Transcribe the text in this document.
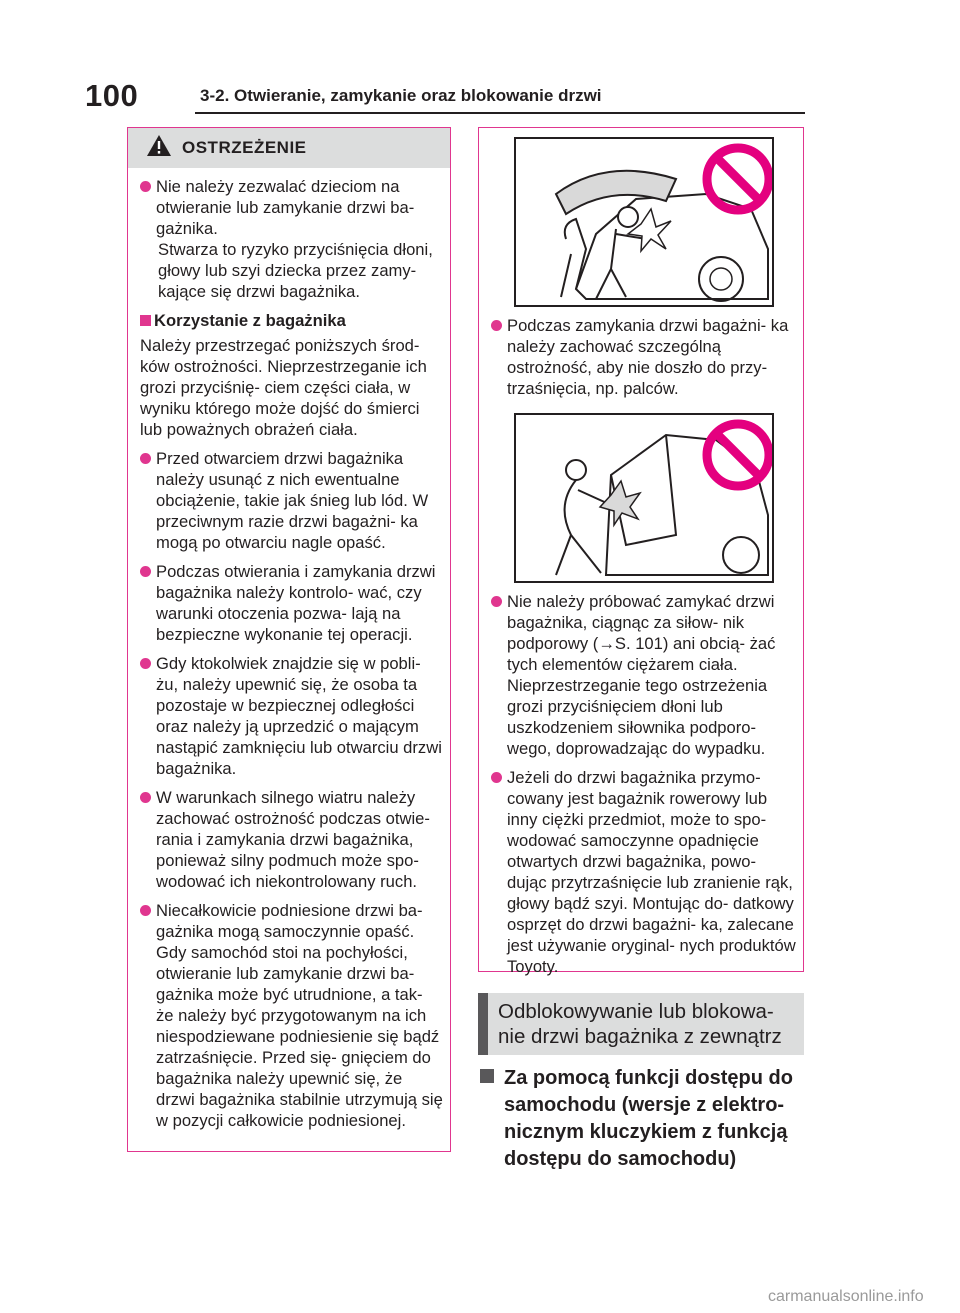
100	3-2. Otwieranie, zamykanie oraz blokowanie drzwi
OSTRZEŻENIE
Nie należy zezwalać dzieciom na otwieranie lub zamykanie drzwi ba- gażnika.
Stwarza to ryzyko przyciśnięcia dłoni, głowy lub szyi dziecka przez zamy- kające się drzwi bagażnika.
Korzystanie z bagażnika
Należy przestrzegać poniższych środ- ków ostrożności. Nieprzestrzeganie ich grozi przyciśnię- ciem części ciała, w wyniku którego może dojść do śmierci lub poważnych obrażeń ciała.
Przed otwarciem drzwi bagażnika należy usunąć z nich ewentualne obciążenie, takie jak śnieg lub lód. W przeciwnym razie drzwi bagażni- ka mogą po otwarciu nagle opaść.
Podczas otwierania i zamykania drzwi bagażnika należy kontrolo- wać, czy warunki otoczenia pozwa- lają na bezpieczne wykonanie tej operacji.
Gdy ktokolwiek znajdzie się w pobli- żu, należy upewnić się, że osoba ta pozostaje w bezpiecznej odległości oraz należy ją uprzedzić o mającym nastąpić zamknięciu lub otwarciu drzwi bagażnika.
W warunkach silnego wiatru należy zachować ostrożność podczas otwie- rania i zamykania drzwi bagażnika, ponieważ silny podmuch może spo- wodować ich niekontrolowany ruch.
Niecałkowicie podniesione drzwi ba- gażnika mogą samoczynnie opaść. Gdy samochód stoi na pochyłości, otwieranie lub zamykanie drzwi ba- gażnika może być utrudnione, a tak- że należy być przygotowanym na ich niespodziewane podniesienie się bądź zatrzaśnięcie. Przed się- gnięciem do bagażnika należy upewnić się, że drzwi bagażnika stabilnie utrzymują się w pozycji całkowicie podniesionej.
Podczas zamykania drzwi bagażni- ka należy zachować szczególną ostrożność, aby nie doszło do przy- trzaśnięcia, np. palców.
Nie należy próbować zamykać drzwi bagażnika, ciągnąc za siłow- nik podporowy (→S. 101) ani obcią- żać tych elementów ciężarem ciała. Nieprzestrzeganie tego ostrzeżenia grozi przyciśnięciem dłoni lub uszkodzeniem siłownika podporo- wego, doprowadzając do wypadku.
Jeżeli do drzwi bagażnika przymo- cowany jest bagażnik rowerowy lub inny ciężki przedmiot, może to spo- wodować samoczynne opadnięcie otwartych drzwi bagażnika, powo- dując przytrzaśnięcie lub zranienie rąk, głowy bądź szyi. Montując do- datkowy osprzęt do drzwi bagażni- ka, zalecane jest używanie oryginal- nych produktów Toyoty.
Odblokowywanie lub blokowa- nie drzwi bagażnika z zewnątrz
Za pomocą funkcji dostępu do samochodu (wersje z elektro- nicznym kluczykiem z funkcją dostępu do samochodu)
carmanualsonline.info
